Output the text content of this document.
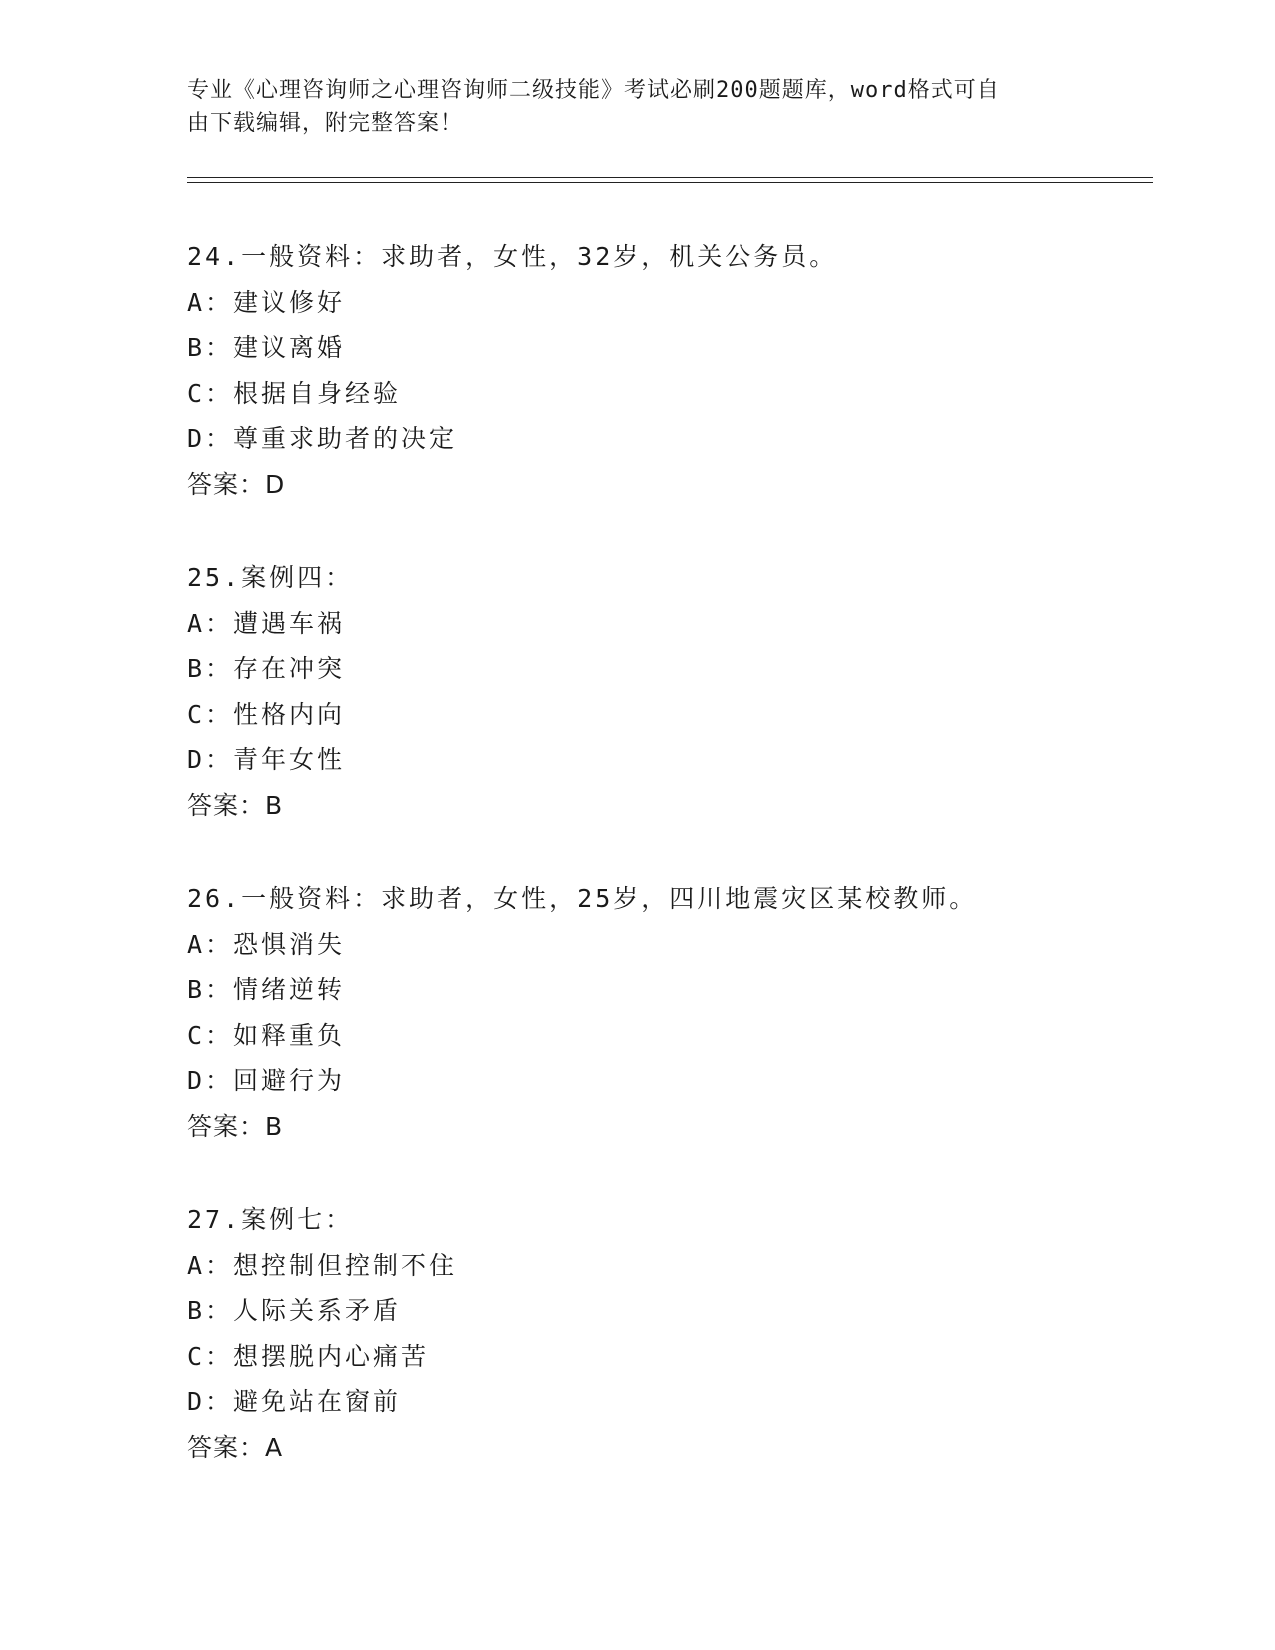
专业《心理咨询师之心理咨询师二级技能》考试必刷200题题库，word格式可自
由下载编辑，附完整答案！
24.一般资料：求助者，女性，32岁，机关公务员。
A：建议修好
B：建议离婚
C：根据自身经验
D：尊重求助者的决定
答案：D
25.案例四：
A：遭遇车祸
B：存在冲突
C：性格内向
D：青年女性
答案：B
26.一般资料：求助者，女性，25岁，四川地震灾区某校教师。
A：恐惧消失
B：情绪逆转
C：如释重负
D：回避行为
答案：B
27.案例七：
A：想控制但控制不住
B：人际关系矛盾
C：想摆脱内心痛苦
D：避免站在窗前
答案：A
